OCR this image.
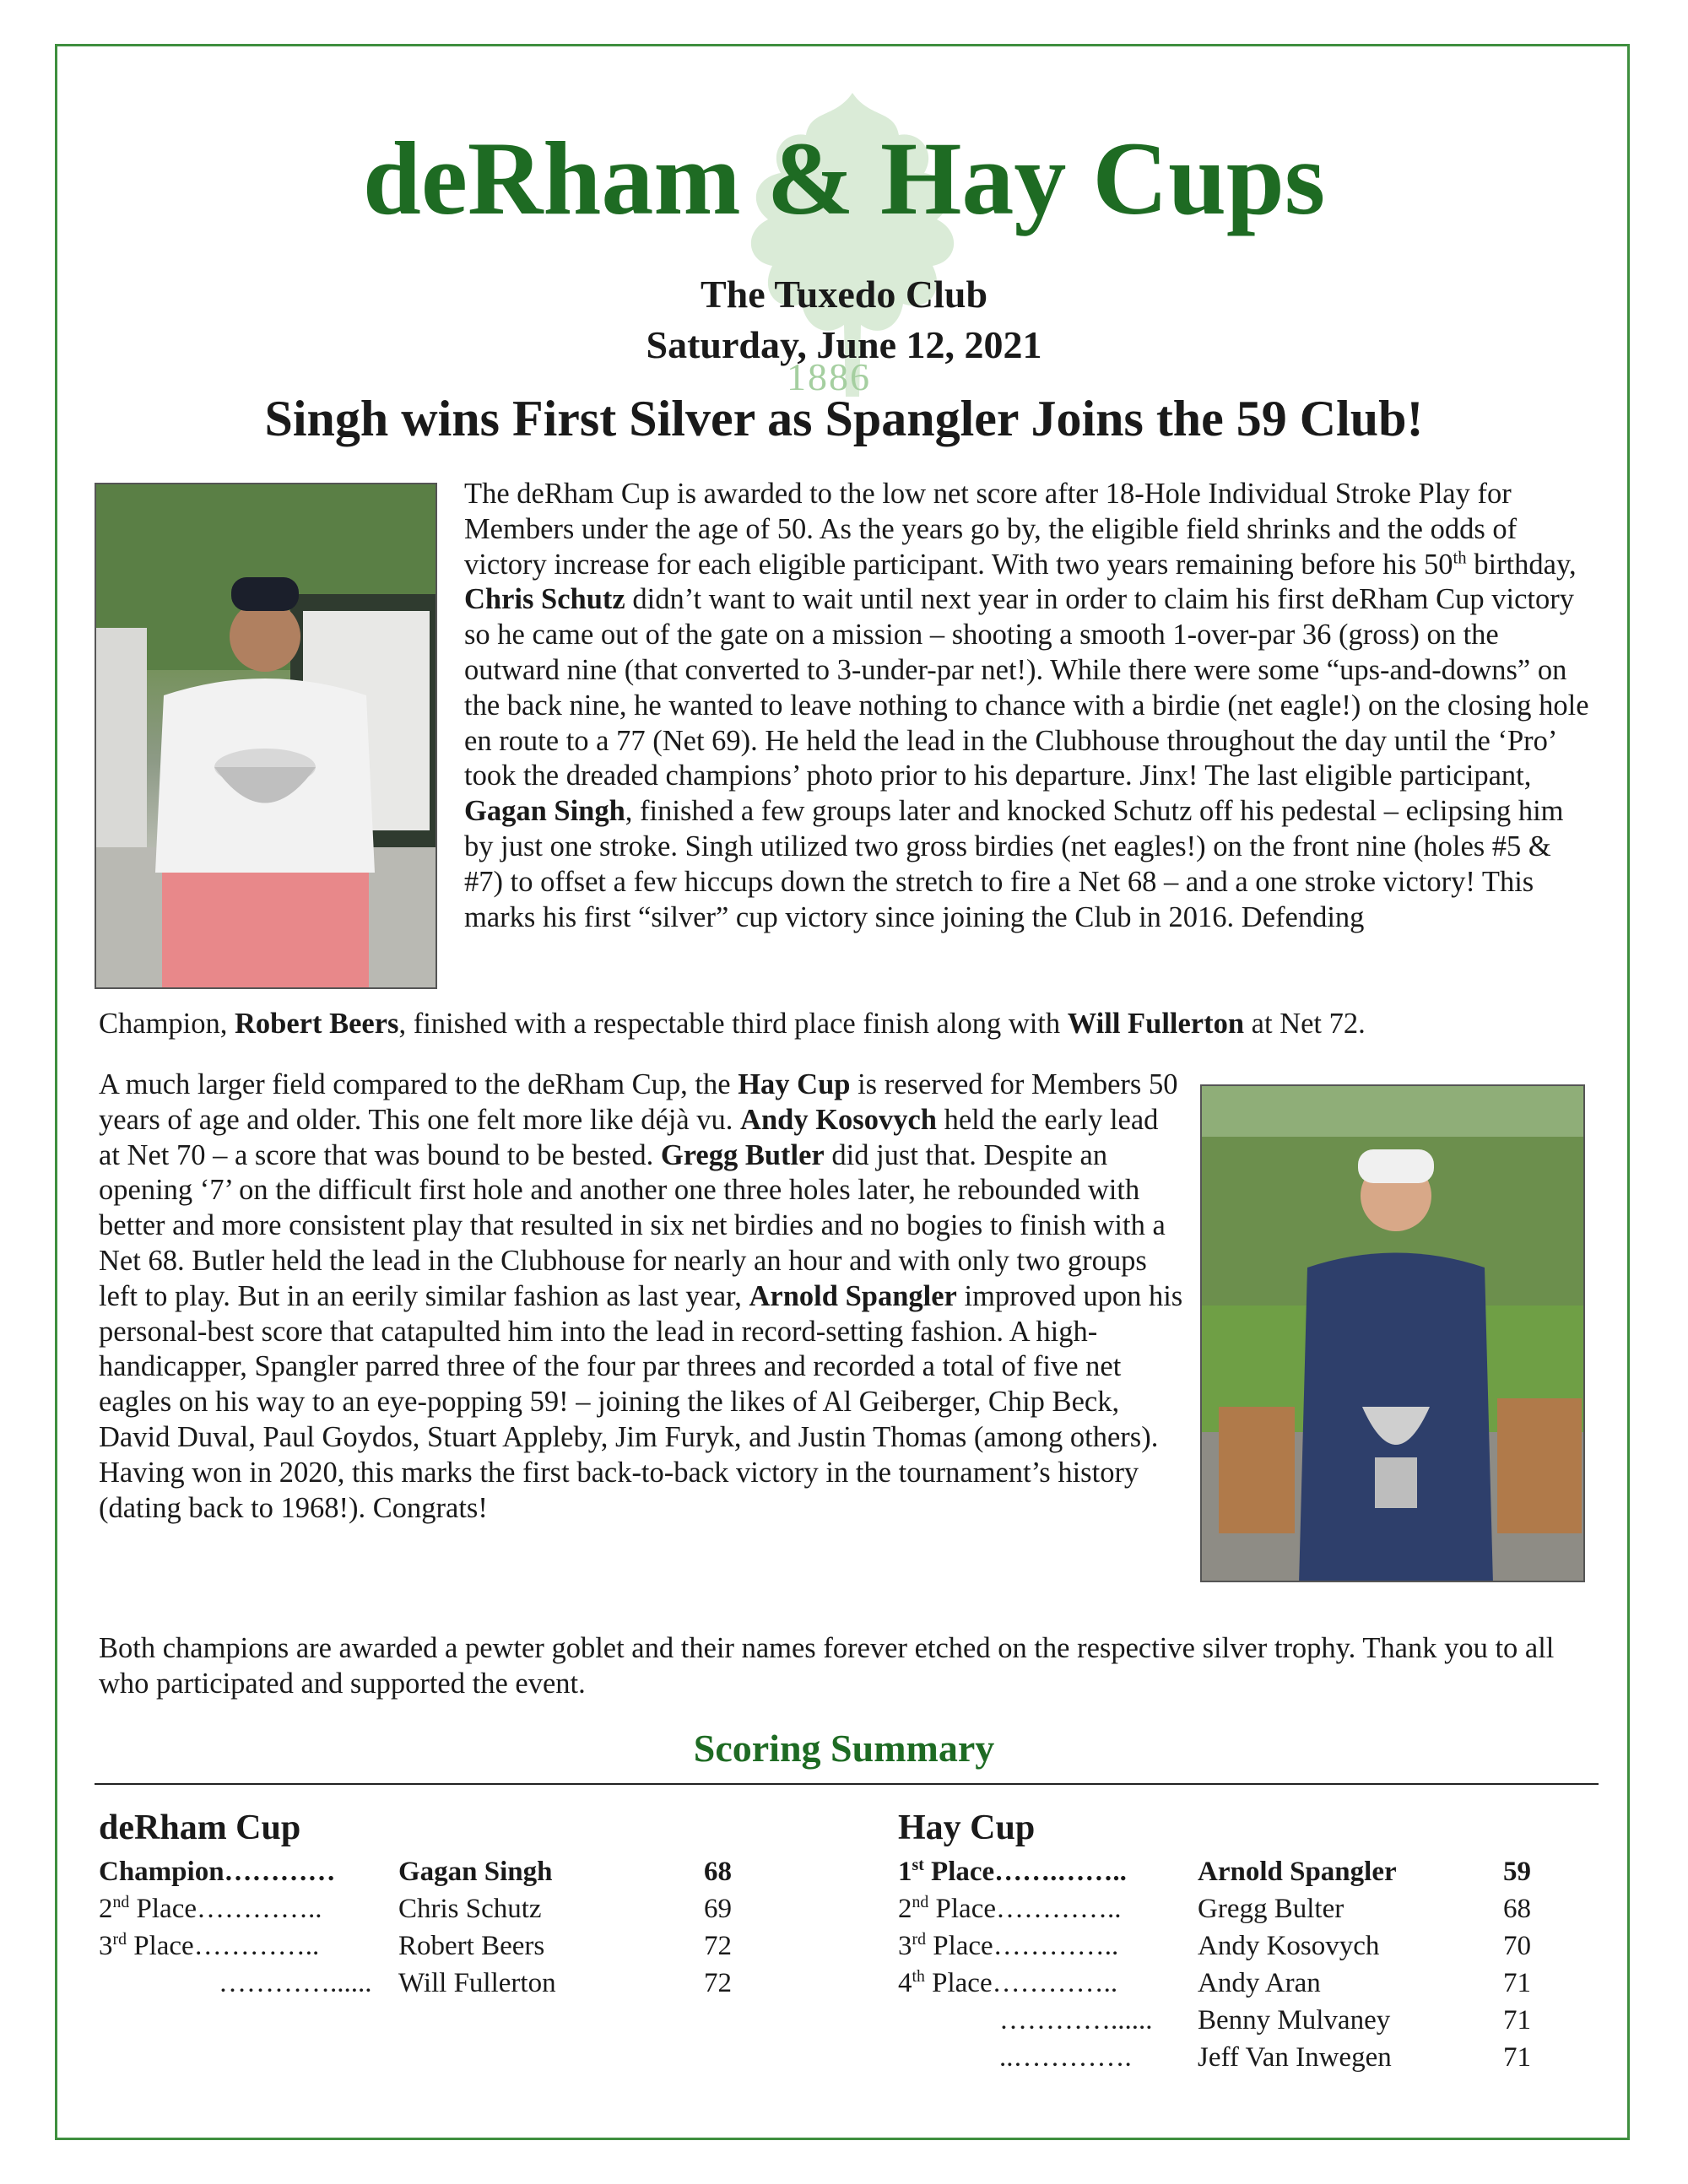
1886
deRham & Hay Cups
The Tuxedo Club
Saturday, June 12, 2021
Singh wins First Silver as Spangler Joins the 59 Club!
The deRham Cup is awarded to the low net score after 18-Hole Individual Stroke Play for Members under the age of 50. As the years go by, the eligible field shrinks and the odds of victory increase for each eligible participant. With two years remaining before his 50th birthday, Chris Schutz didn’t want to wait until next year in order to claim his first deRham Cup victory so he came out of the gate on a mission – shooting a smooth 1-over-par 36 (gross) on the outward nine (that converted to 3-under-par net!). While there were some “ups-and-downs” on the back nine, he wanted to leave nothing to chance with a birdie (net eagle!) on the closing hole en route to a 77 (Net 69). He held the lead in the Clubhouse throughout the day until the ‘Pro’ took the dreaded champions’ photo prior to his departure. Jinx! The last eligible participant, Gagan Singh, finished a few groups later and knocked Schutz off his pedestal – eclipsing him by just one stroke. Singh utilized two gross birdies (net eagles!) on the front nine (holes #5 & #7) to offset a few hiccups down the stretch to fire a Net 68 – and a one stroke victory! This marks his first “silver” cup victory since joining the Club in 2016. Defending
Champion, Robert Beers, finished with a respectable third place finish along with Will Fullerton at Net 72.
A much larger field compared to the deRham Cup, the Hay Cup is reserved for Members 50 years of age and older. This one felt more like déjà vu. Andy Kosovych held the early lead at Net 70 – a score that was bound to be bested. Gregg Butler did just that. Despite an opening ‘7’ on the difficult first hole and another one three holes later, he rebounded with better and more consistent play that resulted in six net birdies and no bogies to finish with a Net 68. Butler held the lead in the Clubhouse for nearly an hour and with only two groups left to play. But in an eerily similar fashion as last year, Arnold Spangler improved upon his personal-best score that catapulted him into the lead in record-setting fashion. A high-handicapper, Spangler parred three of the four par threes and recorded a total of five net eagles on his way to an eye-popping 59! – joining the likes of Al Geiberger, Chip Beck, David Duval, Paul Goydos, Stuart Appleby, Jim Furyk, and Justin Thomas (among others). Having won in 2020, this marks the first back-to-back victory in the tournament’s history (dating back to 1968!). Congrats!
Both champions are awarded a pewter goblet and their names forever etched on the respective silver trophy. Thank you to all who participated and supported the event.
Scoring Summary
deRham Cup
Champion………… Gagan Singh	68
2nd Place…………..	Chris Schutz	69
3rd Place…………..	Robert Beers	72
…………...... Will Fullerton	72
Hay Cup
1st Place…….……..	Arnold Spangler	59
2nd Place…………..	Gregg Bulter	68
3rd Place…………..	Andy Kosovych	70
4th Place…………..	Andy Aran	71
…………...... Benny Mulvaney	71
..…………. Jeff Van Inwegen	71
